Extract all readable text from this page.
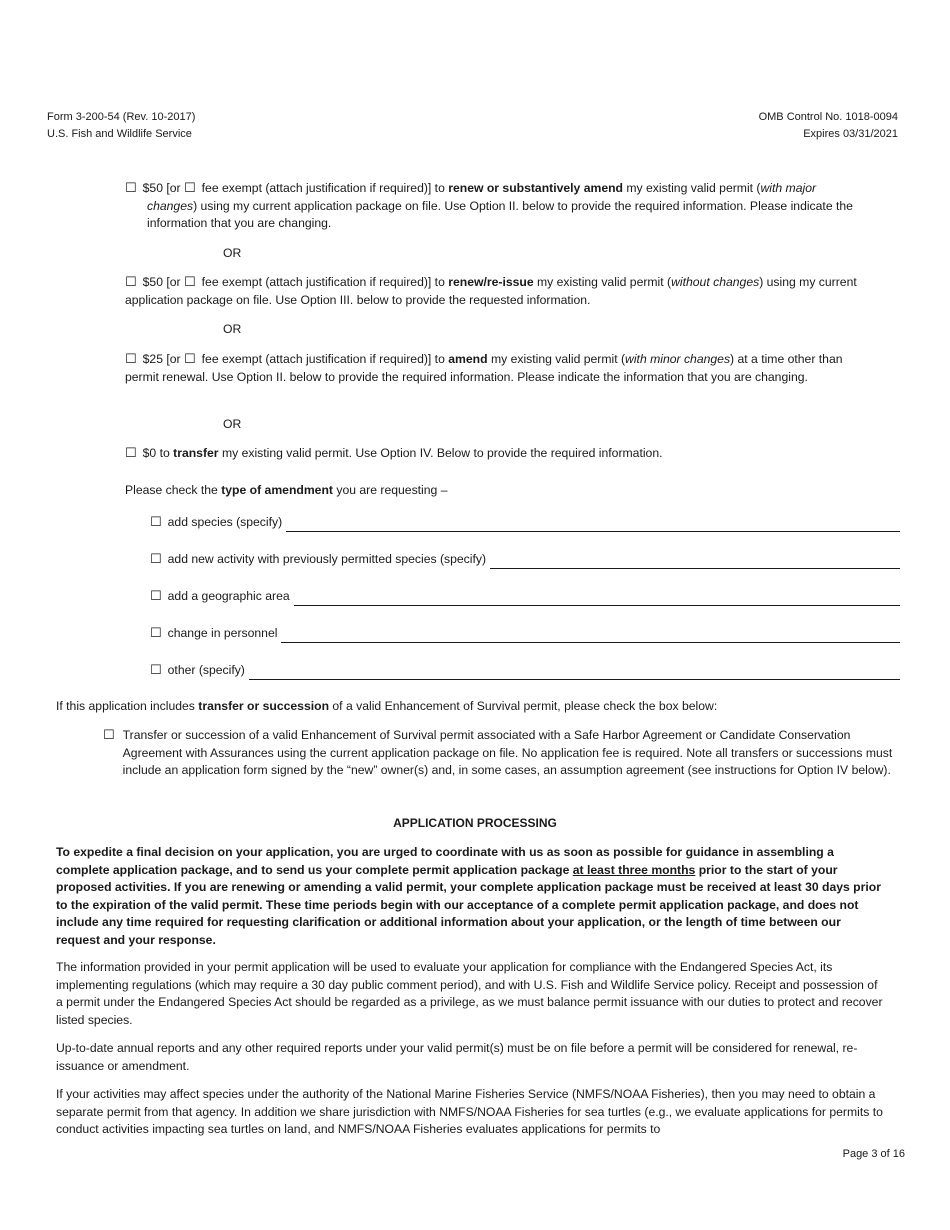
Form 3-200-54 (Rev. 10-2017)
U.S. Fish and Wildlife Service
OMB Control No. 1018-0094
Expires 03/31/2021
☐ $50 [or ☐ fee exempt (attach justification if required)] to renew or substantively amend my existing valid permit (with major
changes) using my current application package on file. Use Option II. below to provide the required information. Please indicate the information that you are changing.
OR
☐ $50 [or ☐ fee exempt (attach justification if required)] to renew/re-issue my existing valid permit (without changes) using my current application package on file. Use Option III. below to provide the requested information.
OR
☐ $25 [or ☐ fee exempt (attach justification if required)] to amend my existing valid permit (with minor changes) at a time other than permit renewal. Use Option II. below to provide the required information. Please indicate the information that you are changing.
OR
☐ $0 to transfer my existing valid permit. Use Option IV. Below to provide the required information.
Please check the type of amendment you are requesting –
☐ add species (specify)
☐ add new activity with previously permitted species (specify)
☐ add a geographic area
☐ change in personnel
☐ other (specify)
If this application includes transfer or succession of a valid Enhancement of Survival permit, please check the box below:
☐ Transfer or succession of a valid Enhancement of Survival permit associated with a Safe Harbor Agreement or Candidate Conservation Agreement with Assurances using the current application package on file. No application fee is required. Note all transfers or successions must include an application form signed by the “new” owner(s) and, in some cases, an assumption agreement (see instructions for Option IV below).
APPLICATION PROCESSING
To expedite a final decision on your application, you are urged to coordinate with us as soon as possible for guidance in assembling a complete application package, and to send us your complete permit application package at least three months prior to the start of your proposed activities. If you are renewing or amending a valid permit, your complete application package must be received at least 30 days prior to the expiration of the valid permit. These time periods begin with our acceptance of a complete permit application package, and does not include any time required for requesting clarification or additional information about your application, or the length of time between our request and your response.
The information provided in your permit application will be used to evaluate your application for compliance with the Endangered Species Act, its implementing regulations (which may require a 30 day public comment period), and with U.S. Fish and Wildlife Service policy. Receipt and possession of a permit under the Endangered Species Act should be regarded as a privilege, as we must balance permit issuance with our duties to protect and recover listed species.
Up-to-date annual reports and any other required reports under your valid permit(s) must be on file before a permit will be considered for renewal, re-issuance or amendment.
If your activities may affect species under the authority of the National Marine Fisheries Service (NMFS/NOAA Fisheries), then you may need to obtain a separate permit from that agency. In addition we share jurisdiction with NMFS/NOAA Fisheries for sea turtles (e.g., we evaluate applications for permits to conduct activities impacting sea turtles on land, and NMFS/NOAA Fisheries evaluates applications for permits to
Page 3 of 16
